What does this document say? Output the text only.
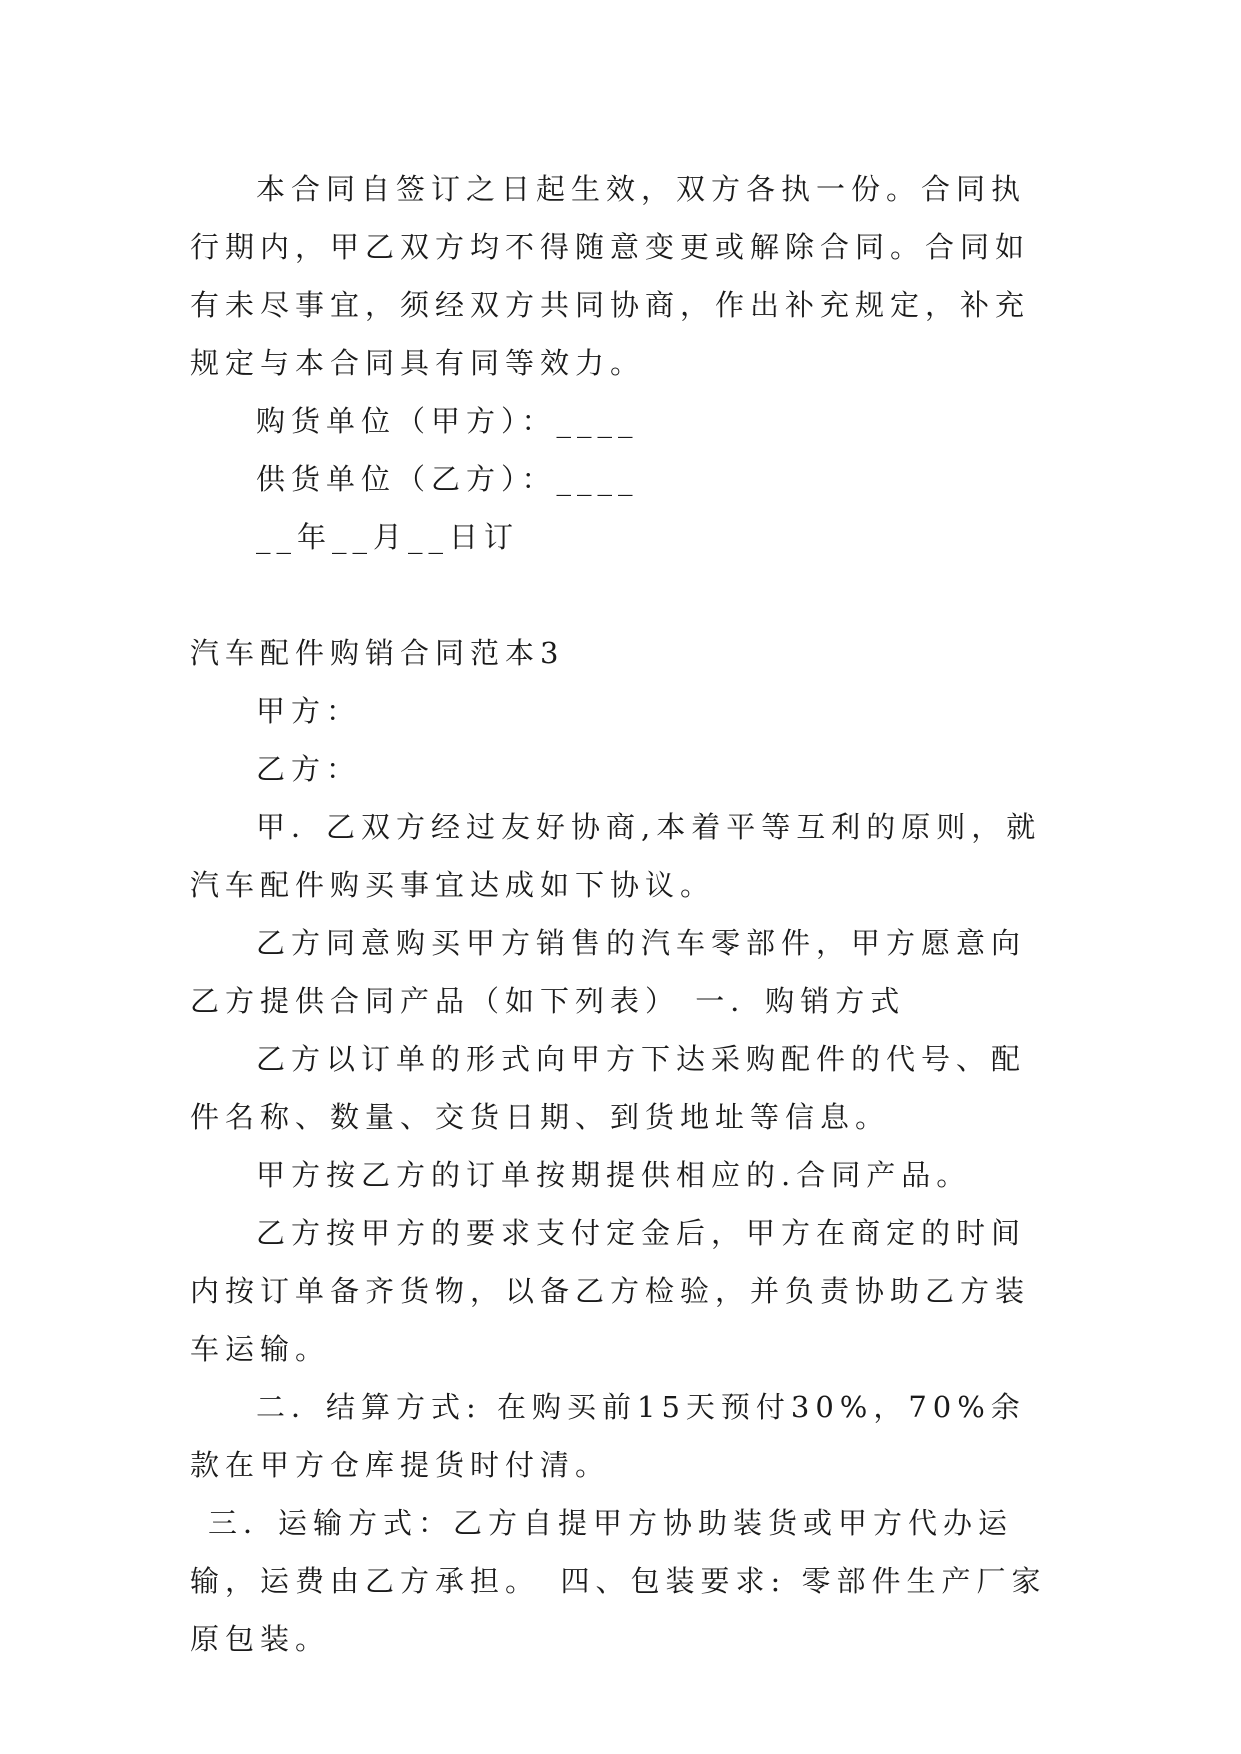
本合同自签订之日起生效，双方各执一份。合同执行期内，甲乙双方均不得随意变更或解除合同。合同如有未尽事宜，须经双方共同协商，作出补充规定，补充规定与本合同具有同等效力。

购货单位（甲方）：____

供货单位（乙方）：____

__年__月__日订

汽车配件购销合同范本3

甲方：

乙方：

甲．乙双方经过友好协商,本着平等互利的原则，就汽车配件购买事宜达成如下协议。

乙方同意购买甲方销售的汽车零部件，甲方愿意向乙方提供合同产品（如下列表） 一．购销方式

乙方以订单的形式向甲方下达采购配件的代号、配件名称、数量、交货日期、到货地址等信息。

甲方按乙方的订单按期提供相应的.合同产品。

乙方按甲方的要求支付定金后，甲方在商定的时间内按订单备齐货物，以备乙方检验，并负责协助乙方装车运输。

二．结算方式: 在购买前15天预付30%，70%余款在甲方仓库提货时付清。

三．运输方式：乙方自提甲方协助装货或甲方代办运输，运费由乙方承担。　四、包装要求: 零部件生产厂家原包装。
